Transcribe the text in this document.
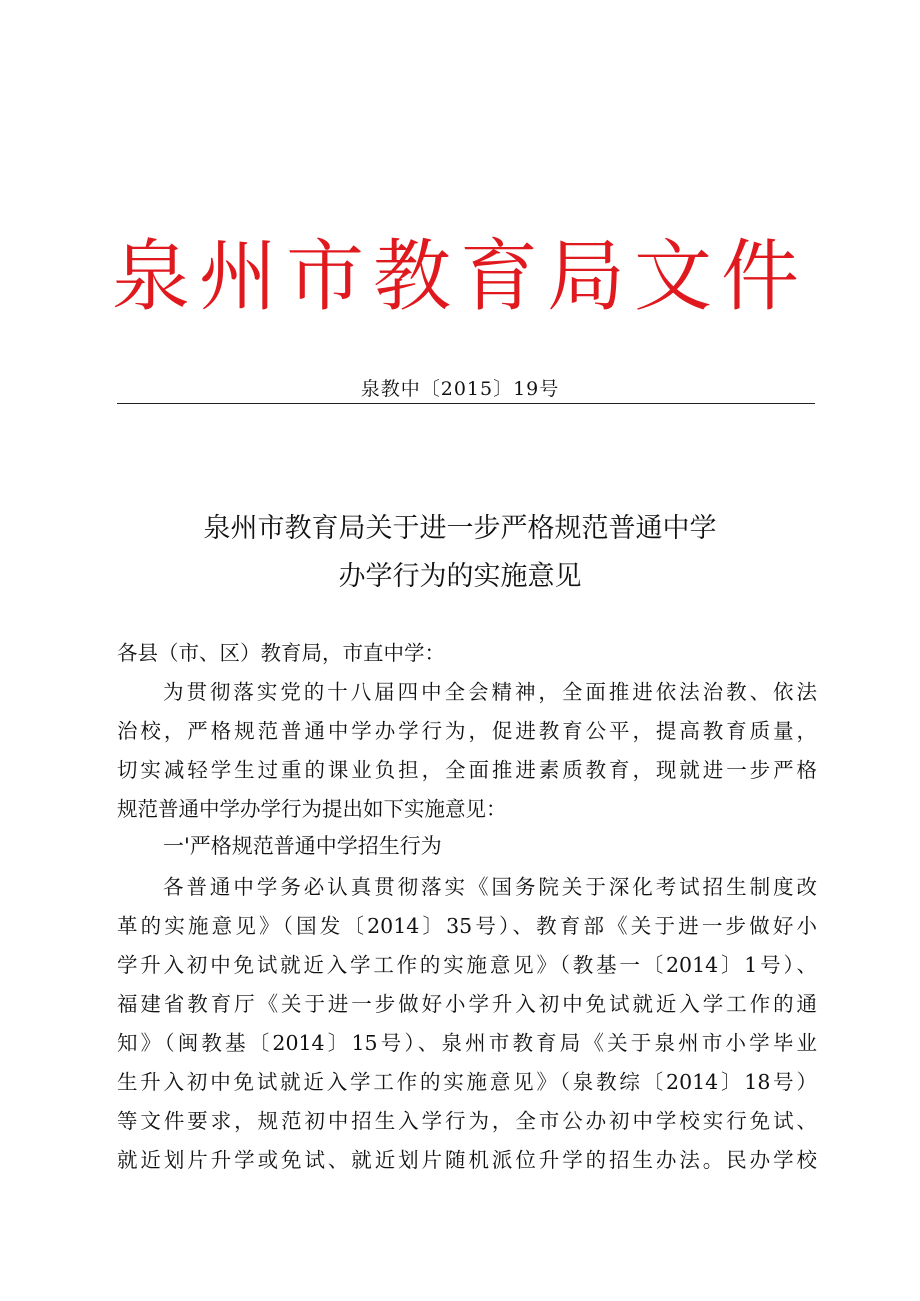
泉州市教育局文件
泉教中〔2015〕19号
泉州市教育局关于进一步严格规范普通中学
办学行为的实施意见
各县（市、区）教育局，市直中学：
为贯彻落实党的十八届四中全会精神，全面推进依法治教、依法
治校，严格规范普通中学办学行为，促进教育公平，提高教育质量，
切实减轻学生过重的课业负担，全面推进素质教育，现就进一步严格
规范普通中学办学行为提出如下实施意见：
一'严格规范普通中学招生行为
各普通中学务必认真贯彻落实《国务院关于深化考试招生制度改
革的实施意见》（国发〔2014〕35号）、教育部《关于进一步做好小
学升入初中免试就近入学工作的实施意见》（教基一〔2014〕1号）、
福建省教育厅《关于进一步做好小学升入初中免试就近入学工作的通
知》（闽教基〔2014〕15号）、泉州市教育局《关于泉州市小学毕业
生升入初中免试就近入学工作的实施意见》（泉教综〔2014〕18号）
等文件要求，规范初中招生入学行为，全市公办初中学校实行免试、
就近划片升学或免试、就近划片随机派位升学的招生办法。民办学校
